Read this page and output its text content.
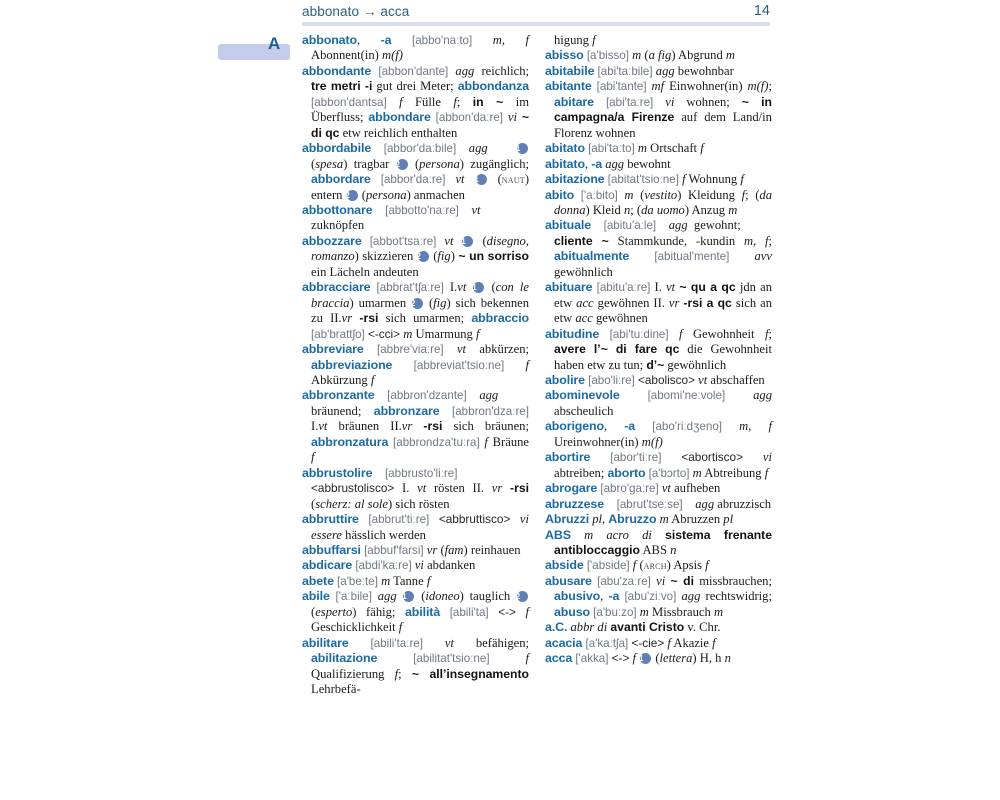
abbonato → acca	14
A abbonato, -a [abbo'naːto] m, f Abonnent(in) m(f)

abbondante [abbon'dante] agg reichlich; tre metri -i gut drei Meter; abbondanza [abbon'dantsa] f Fülle f; in ~ im Überfluss; abbondare [abbon'daːre] vi ~ di qc etw reichlich enthalten

abbordabile  [abbor'daːbile]  agg	1 (spesa) tragbar 2 (persona) zugänglich; abbordare [abbor'daːre] vt 1 (naut) entern 2 (persona) anmachen

abbottonare  [abbotto'naːre]  vt zuknöpfen

abbozzare [abbot'tsaːre] vt 1 (disegno, romanzo) skizzieren 2 (fig) ~ un sorriso ein Lächeln andeuten

abbracciare [abbrat'tʃaːre] I.vt 1 (con le braccia) umarmen 2 (fig) sich bekennen zu II.vr -rsi sich umarmen; abbraccio [ab'brattʃo] <-cci> m Umarmung f

abbreviare [abbre'viaːre] vt abkürzen; abbreviazione [abbreviat'tsioːne] f Abkürzung f

abbronzante  [abbron'dzante]  agg bräunend; abbronzare [abbron'dzaːre] I.vt bräunen II.vr -rsi sich bräunen; abbronzatura [abbrondza'tuːra] f Bräune f

abbrustolire  [abbrusto'liːre] <abbrustolisco> I. vt rösten II. vr -rsi (scherz: al sole) sich rösten

abbruttire [abbrut'tiːre] <abbruttisco> vi essere hässlich werden

abbuffarsi [abbuf'farsi] vr (fam) reinhauen

abdicare [abdi'kaːre] vi abdanken

abete [a'beːte] m Tanne f

abile ['aːbile] agg 1 (idoneo) tauglich 2 (esperto) fähig; abilità [abili'ta] <-> f Geschicklichkeit f

abilitare [abili'taːre] vt befähigen; abilitazione	[abilitat'tsioːne]	f Qualifizierung f; ~ all’insegnamento Lehrbefä-

higung f

abisso [a'bisso] m (a fig) Abgrund m

abitabile [abi'taːbile] agg bewohnbar

abitante [abi'tante] mf Einwohner(in) m(f); abitare [abi'taːre] vi wohnen; ~ in campagna/a Firenze auf dem Land/in Florenz wohnen

abitato [abi'taːto] m Ortschaft f

abitato, -a agg bewohnt

abitazione [abitat'tsioːne] f Wohnung f

abito ['aːbito] m (vestito) Kleidung f; (da donna) Kleid n; (da uomo) Anzug m

abituale  [abitu'aːle]  agg gewohnt; cliente ~ Stammkunde, -kundin m, f; abitualmente [abitual'mente] avv gewöhnlich

abituare [abitu'aːre] I. vt ~ qu a qc jdn an etw acc gewöhnen II. vr -rsi a qc sich an etw acc gewöhnen

abitudine [abi'tuːdine] f Gewohnheit f; avere l’~ di fare qc die Gewohnheit haben etw zu tun; d’~ gewöhnlich

abolire [abo'liːre] <abolisco> vt abschaffen

abominevole [abomi'neːvole] agg abscheulich

aborigeno, -a [abo'riːdʒeno] m, f Ureinwohner(in) m(f)

abortire [abor'tiːre] <abortisco> vi abtreiben; aborto [a'bɔrto] m Abtreibung f

abrogare [abro'gaːre] vt aufheben

abruzzese  [abrut'tseːse]  agg abruzzisch

Abruzzi pl, Abruzzo m Abruzzen pl

ABS m acro di sistema frenante antibloccaggio ABS n

abside ['abside] f (arch) Apsis f

abusare [abu'zaːre] vi ~ di missbrauchen; abusivo, -a [abu'ziːvo] agg rechtswidrig; abuso [a'buːzo] m Missbrauch m

a.C. abbr di avanti Cristo v. Chr.

acacia [a'kaːtʃa] <-cie> f Akazie f

acca ['akka] <-> f 1 (lettera) H, h n
